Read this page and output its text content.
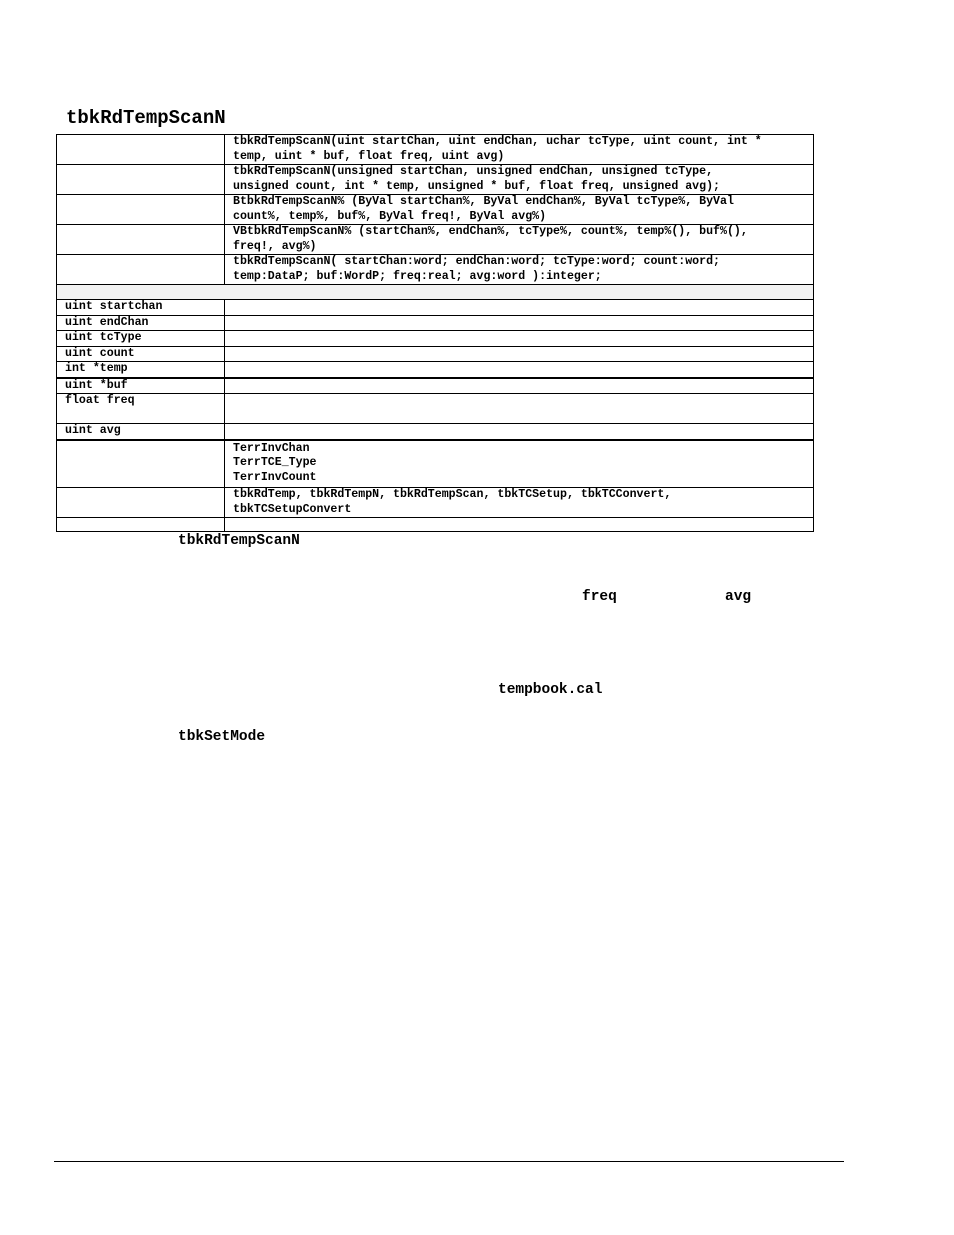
tbkRdTempScanN

	tbkRdTempScanN(uint startChan, uint endChan, uchar tcType, uint count, int *
temp, uint * buf, float freq, uint avg)

	tbkRdTempScanN(unsigned startChan, unsigned endChan, unsigned tcType,
unsigned count, int * temp, unsigned * buf, float freq, unsigned avg);

	BtbkRdTempScanN% (ByVal startChan%, ByVal endChan%, ByVal tcType%, ByVal
count%, temp%, buf%, ByVal freq!, ByVal avg%)

	VBtbkRdTempScanN% (startChan%, endChan%, tcType%, count%, temp%(), buf%(),
freq!, avg%)

	tbkRdTempScanN( startChan:word; endChan:word; tcType:word; count:word;
temp:DataP; buf:WordP; freq:real; avg:word ):integer;

uint startchan	
uint endChan	
uint tcType	
uint count	
int *temp	
uint *buf	
float freq	
uint avg	

	TerrInvChan
TerrTCE_Type
TerrInvCount

	tbkRdTemp, tbkRdTempN, tbkRdTempScan, tbkTCSetup, tbkTCConvert,
tbkTCSetupConvert

tbkRdTempScanN
freq	avg
tempbook.cal
tbkSetMode
